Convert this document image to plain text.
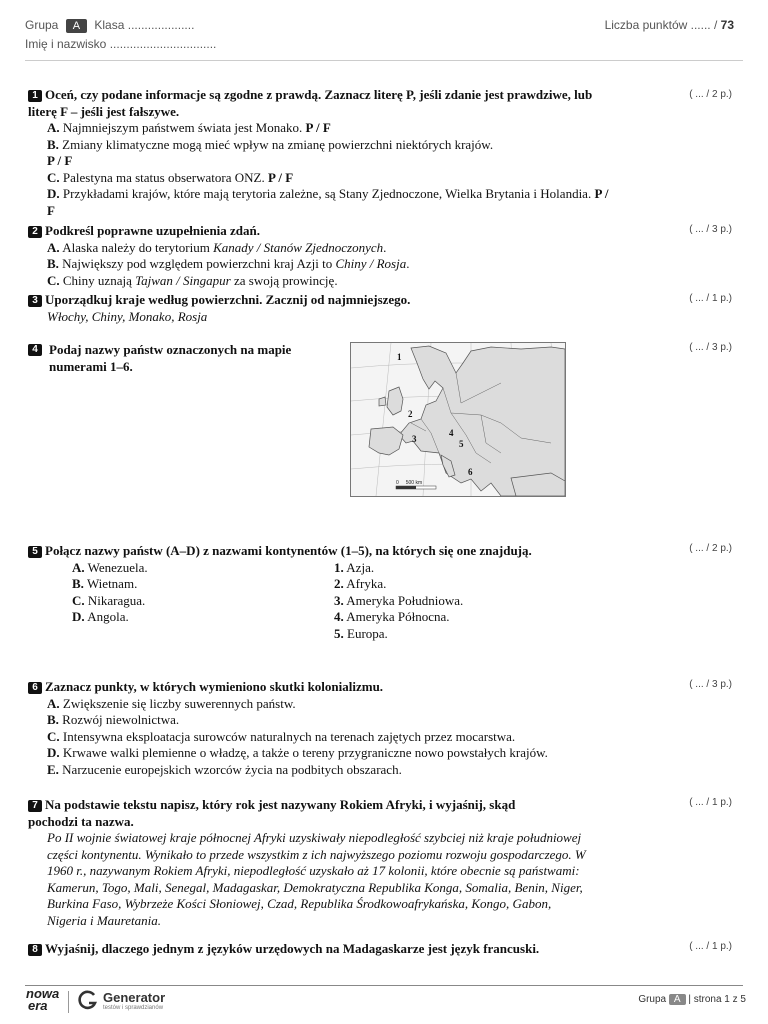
Grupa A Klasa ....................
Imię i nazwisko ................................
Liczba punktów ...... / 73
1 Oceń, czy podane informacje są zgodne z prawdą. Zaznacz literę P, jeśli zdanie jest prawdziwe, lub literę F – jeśli jest fałszywe.
A. Najmniejszym państwem świata jest Monako. P / F
B. Zmiany klimatyczne mogą mieć wpływ na zmianę powierzchni niektórych krajów.
P / F
C. Palestyna ma status obserwatora ONZ. P / F
D. Przykładami krajów, które mają terytoria zależne, są Stany Zjednoczone, Wielka Brytania i Holandia. P / F
( ... / 2 p.)
2 Podkreśl poprawne uzupełnienia zdań.
A. Alaska należy do terytorium Kanady / Stanów Zjednoczonych.
B. Największy pod względem powierzchni kraj Azji to Chiny / Rosja.
C. Chiny uznają Tajwan / Singapur za swoją prowincję.
( ... / 3 p.)
3 Uporządkuj kraje według powierzchni. Zacznij od najmniejszego.
Włochy, Chiny, Monako, Rosja
( ... / 1 p.)
4 Podaj nazwy państw oznaczonych na mapie numerami 1–6.
( ... / 3 p.)
1
2
3
4
5
6
0     500 km
5 Połącz nazwy państw (A–D) z nazwami kontynentów (1–5), na których się one znajdują.
A. Wenezuela.
B. Wietnam.
C. Nikaragua.
D. Angola.
1. Azja.
2. Afryka.
3. Ameryka Południowa.
4. Ameryka Północna.
5. Europa.
( ... / 2 p.)
6 Zaznacz punkty, w których wymieniono skutki kolonializmu.
A. Zwiększenie się liczby suwerennych państw.
B. Rozwój niewolnictwa.
C. Intensywna eksploatacja surowców naturalnych na terenach zajętych przez mocarstwa.
D. Krwawe walki plemienne o władzę, a także o tereny przygraniczne nowo powstałych krajów.
E. Narzucenie europejskich wzorców życia na podbitych obszarach.
( ... / 3 p.)
7 Na podstawie tekstu napisz, który rok jest nazywany Rokiem Afryki, i wyjaśnij, skąd pochodzi ta nazwa.
Po II wojnie światowej kraje północnej Afryki uzyskiwały niepodległość szybciej niż kraje południowej części kontynentu. Wynikało to przede wszystkim z ich najwyższego poziomu rozwoju gospodarczego. W 1960 r., nazywanym Rokiem Afryki, niepodległość uzyskało aż 17 kolonii, które obecnie są państwami: Kamerun, Togo, Mali, Senegal, Madagaskar, Demokratyczna Republika Konga, Somalia, Benin, Niger, Burkina Faso, Wybrzeże Kości Słoniowej, Czad, Republika Środkowoafrykańska, Kongo, Gabon, Nigeria i Mauretania.
( ... / 1 p.)
8 Wyjaśnij, dlaczego jednym z języków urzędowych na Madagaskarze jest język francuski.	( ... / 1 p.)
nowa
era
Generator
testów i sprawdzianów
Grupa A | strona 1 z 5
